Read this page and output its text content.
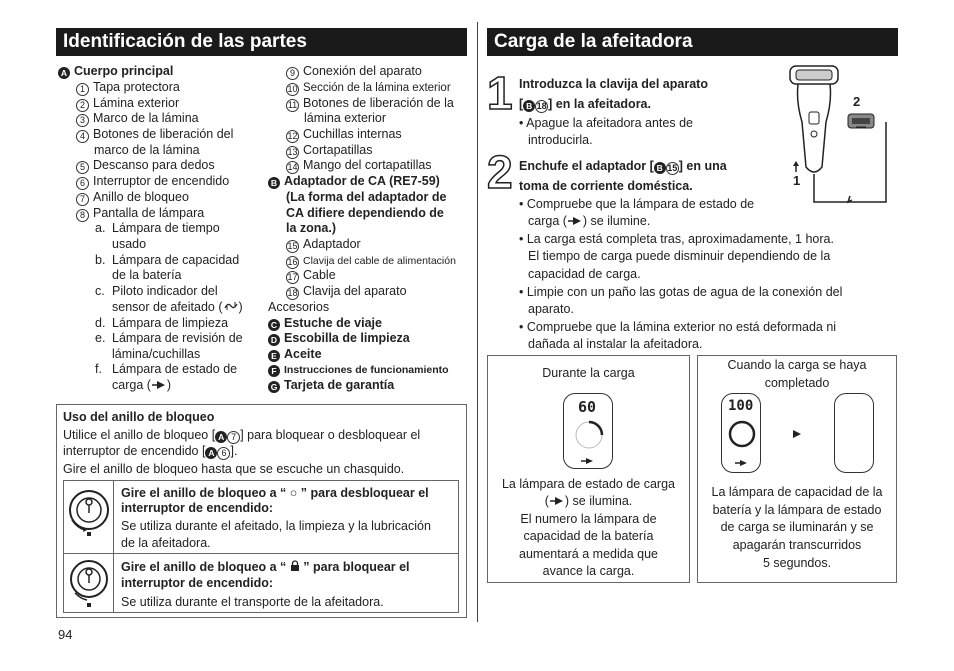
Identificación de las partes
A Cuerpo principal
1 Tapa protectora
2 Lámina exterior
3 Marco de la lámina
4 Botones de liberación del
marco de la lámina
5 Descanso para dedos
6 Interruptor de encendido
7 Anillo de bloqueo
8 Pantalla de lámpara
a. Lámpara de tiempo
usado
b. Lámpara de capacidad
de la batería
c. Piloto indicador del
sensor de afeitado ( )
d. Lámpara de limpieza
e. Lámpara de revisión de
lámina/cuchillas
f. Lámpara de estado de
carga ( )
9 Conexión del aparato
10 Sección de la lámina exterior
11 Botones de liberación de la
lámina exterior
12 Cuchillas internas
13 Cortapatillas
14 Mango del cortapatillas
B Adaptador de CA (RE7-59)
(La forma del adaptador de
CA difiere dependiendo de
la zona.)
15 Adaptador
16 Clavija del cable de alimentación
17 Cable
18 Clavija del aparato
Accesorios
C Estuche de viaje
D Escobilla de limpieza
E Aceite
F Instrucciones de funcionamiento
G Tarjeta de garantía
Uso del anillo de bloqueo
Utilice el anillo de bloqueo [ A 7 ] para bloquear o desbloquear el
interruptor de encendido [ A 6 ].
Gire el anillo de bloqueo hasta que se escuche un chasquido.
Gire el anillo de bloqueo a “ ○ ” para desbloquear el
interruptor de encendido:
Se utiliza durante el afeitado, la limpieza y la lubricación
de la afeitadora.
Gire el anillo de bloqueo a “  ” para bloquear el
interruptor de encendido:
Se utiliza durante el transporte de la afeitadora.
94
Carga de la afeitadora
1 Introduzca la clavija del aparato
[ B 18 ] en la afeitadora.
• Apague la afeitadora antes de
introducirla.
2 Enchufe el adaptador [ B 15 ] en una
toma de corriente doméstica.
• Compruebe que la lámpara de estado de
carga ( ) se ilumine.
• La carga está completa tras, aproximadamente, 1 hora.
El tiempo de carga puede disminuir dependiendo de la
capacidad de carga.
• Limpie con un paño las gotas de agua de la conexión del
aparato.
• Compruebe que la lámina exterior no está deformada ni
dañada al instalar la afeitadora.
2
1
Durante la carga
60
La lámpara de estado de carga
( ) se ilumina.
El numero la lámpara de
capacidad de la batería
aumentará a medida que
avance la carga.
Cuando la carga se haya
completado
100
La lámpara de capacidad de la
batería y la lámpara de estado
de carga se iluminarán y se
apagarán transcurridos
5 segundos.
